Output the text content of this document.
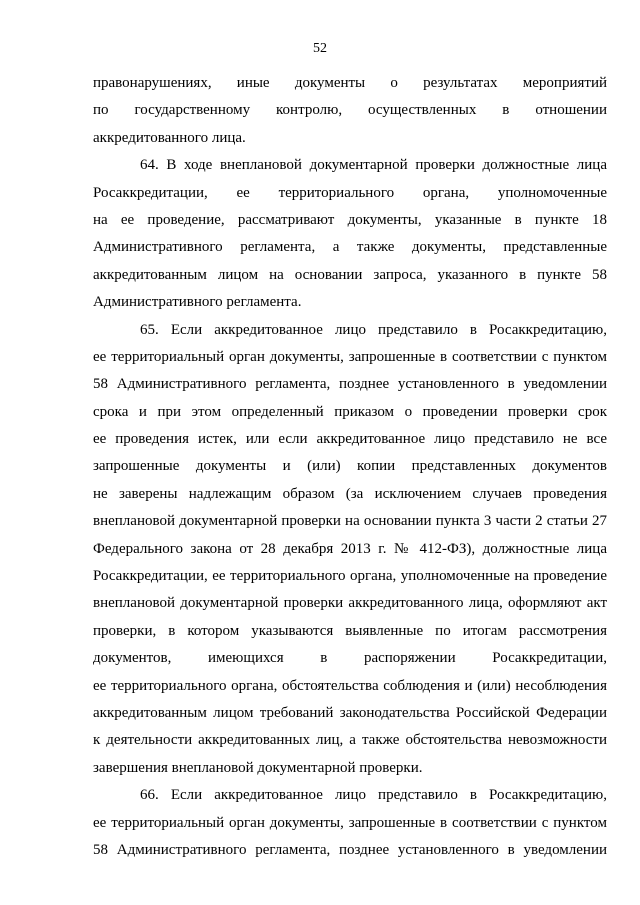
52
правонарушениях, иные документы о результатах мероприятий
по государственному контролю, осуществленных в отношении
аккредитованного лица.
64. В ходе внеплановой документарной проверки должностные лица
Росаккредитации, ее территориального органа, уполномоченные
на ее проведение, рассматривают документы, указанные в пункте 18
Административного регламента, а также документы, представленные
аккредитованным лицом на основании запроса, указанного в пункте 58
Административного регламента.
65. Если аккредитованное лицо представило в Росаккредитацию,
ее территориальный орган документы, запрошенные в соответствии с пунктом
58 Административного регламента, позднее установленного в уведомлении
срока и при этом определенный приказом о проведении проверки срок
ее проведения истек, или если аккредитованное лицо представило не все
запрошенные документы и (или) копии представленных документов
не заверены надлежащим образом (за исключением случаев проведения
внеплановой документарной проверки на основании пункта 3 части 2 статьи 27
Федерального закона от 28 декабря 2013 г. № 412-ФЗ), должностные лица
Росаккредитации, ее территориального органа, уполномоченные на проведение
внеплановой документарной проверки аккредитованного лица, оформляют акт
проверки, в котором указываются выявленные по итогам рассмотрения
документов, имеющихся в распоряжении Росаккредитации,
ее территориального органа, обстоятельства соблюдения и (или) несоблюдения
аккредитованным лицом требований законодательства Российской Федерации
к деятельности аккредитованных лиц, а также обстоятельства невозможности
завершения внеплановой документарной проверки.
66. Если аккредитованное лицо представило в Росаккредитацию,
ее территориальный орган документы, запрошенные в соответствии с пунктом
58 Административного регламента, позднее установленного в уведомлении
